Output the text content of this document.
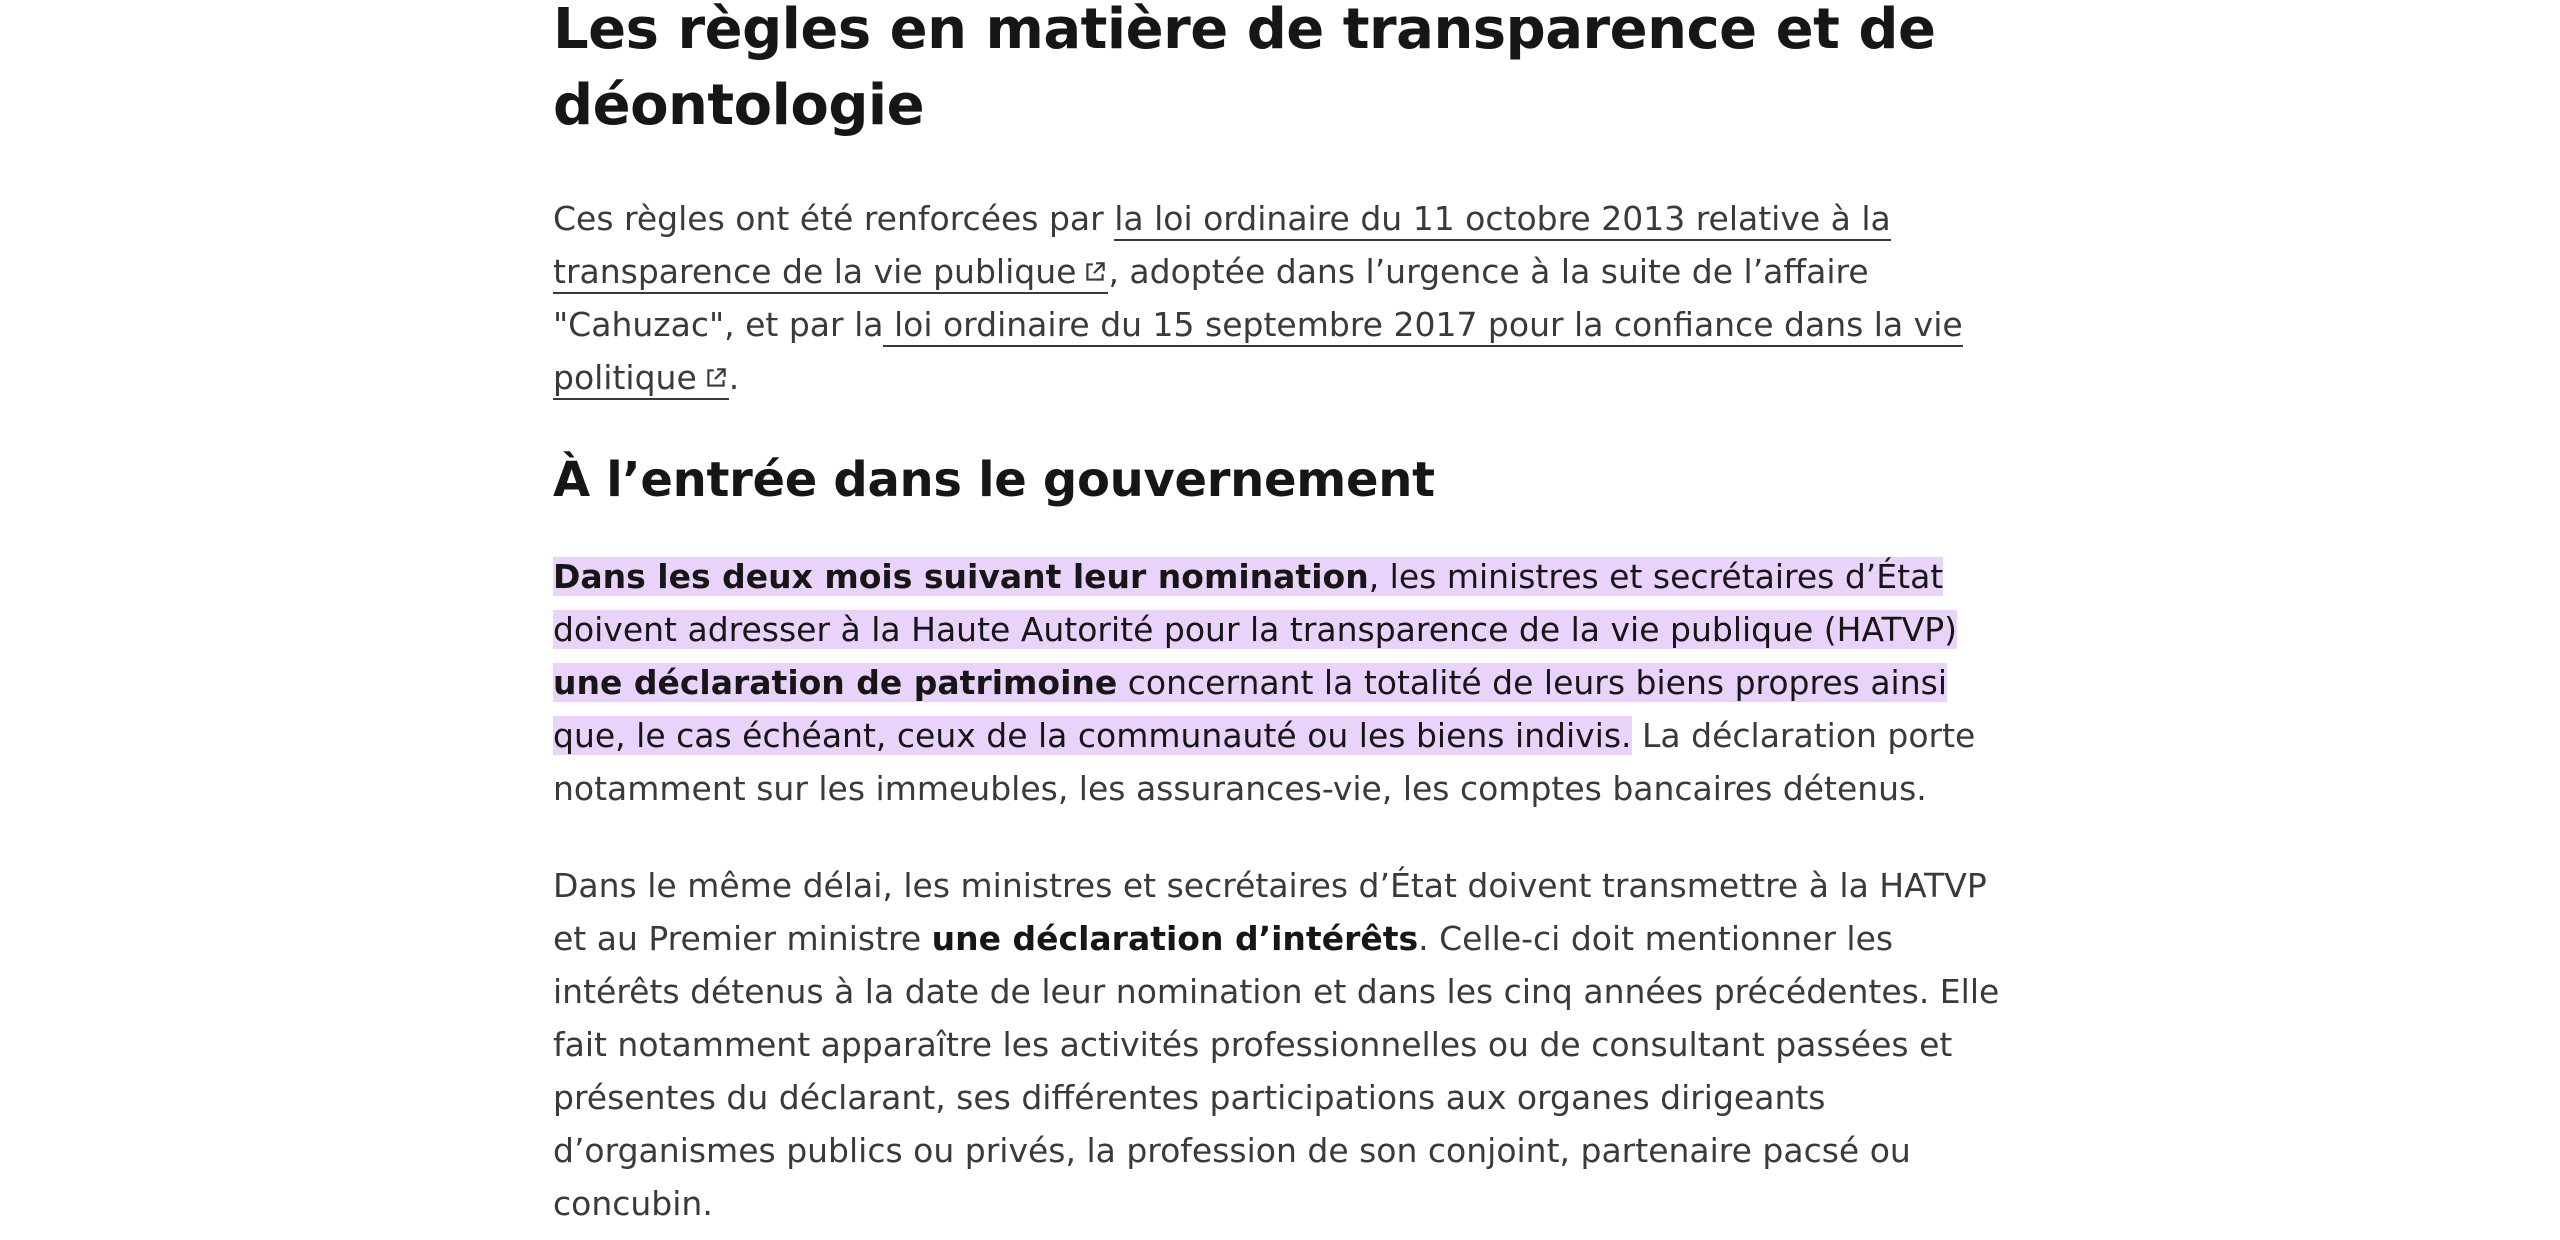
Les règles en matière de transparence et de déontologie

Ces règles ont été renforcées par la loi ordinaire du 11 octobre 2013 relative à la transparence de la vie publique , adoptée dans l’urgence à la suite de l’affaire "Cahuzac", et par la loi ordinaire du 15 septembre 2017 pour la confiance dans la vie politique .

À l’entrée dans le gouvernement

Dans les deux mois suivant leur nomination, les ministres et secrétaires d’État doivent adresser à la Haute Autorité pour la transparence de la vie publique (HATVP) une déclaration de patrimoine concernant la totalité de leurs biens propres ainsi que, le cas échéant, ceux de la communauté ou les biens indivis. La déclaration porte notamment sur les immeubles, les assurances-vie, les comptes bancaires détenus.

Dans le même délai, les ministres et secrétaires d’État doivent transmettre à la HATVP et au Premier ministre une déclaration d’intérêts. Celle-ci doit mentionner les intérêts détenus à la date de leur nomination et dans les cinq années précédentes. Elle fait notamment apparaître les activités professionnelles ou de consultant passées et présentes du déclarant, ses différentes participations aux organes dirigeants d’organismes publics ou privés, la profession de son conjoint, partenaire pacsé ou concubin.
